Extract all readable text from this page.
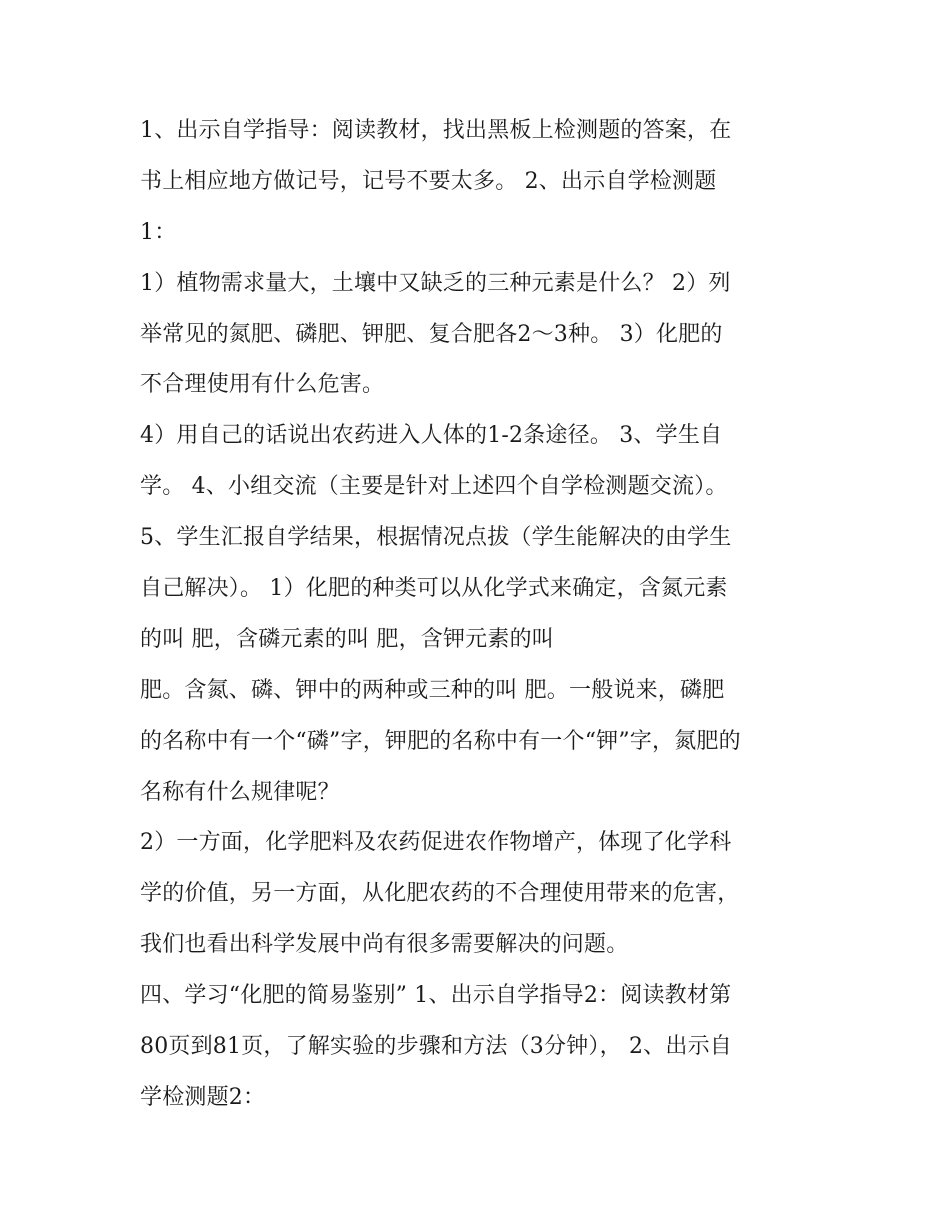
1、出示自学指导：阅读教材，找出黑板上检测题的答案，在
书上相应地方做记号，记号不要太多。 2、出示自学检测题
1：
1）植物需求量大，土壤中又缺乏的三种元素是什么？ 2）列
举常见的氮肥、磷肥、钾肥、复合肥各2～3种。 3）化肥的
不合理使用有什么危害。
4）用自己的话说出农药进入人体的1-2条途径。 3、学生自
学。 4、小组交流（主要是针对上述四个自学检测题交流）。
5、学生汇报自学结果，根据情况点拔（学生能解决的由学生
自己解决）。 1）化肥的种类可以从化学式来确定，含氮元素
的叫 肥，含磷元素的叫 肥，含钾元素的叫
肥。含氮、磷、钾中的两种或三种的叫 肥。一般说来，磷肥
的名称中有一个“磷”字，钾肥的名称中有一个“钾”字，氮肥的
名称有什么规律呢？
2）一方面，化学肥料及农药促进农作物增产，体现了化学科
学的价值，另一方面，从化肥农药的不合理使用带来的危害，
我们也看出科学发展中尚有很多需要解决的问题。
四、学习“化肥的简易鉴别” 1、出示自学指导2：阅读教材第
80页到81页，了解实验的步骤和方法（3分钟）， 2、出示自
学检测题2：
